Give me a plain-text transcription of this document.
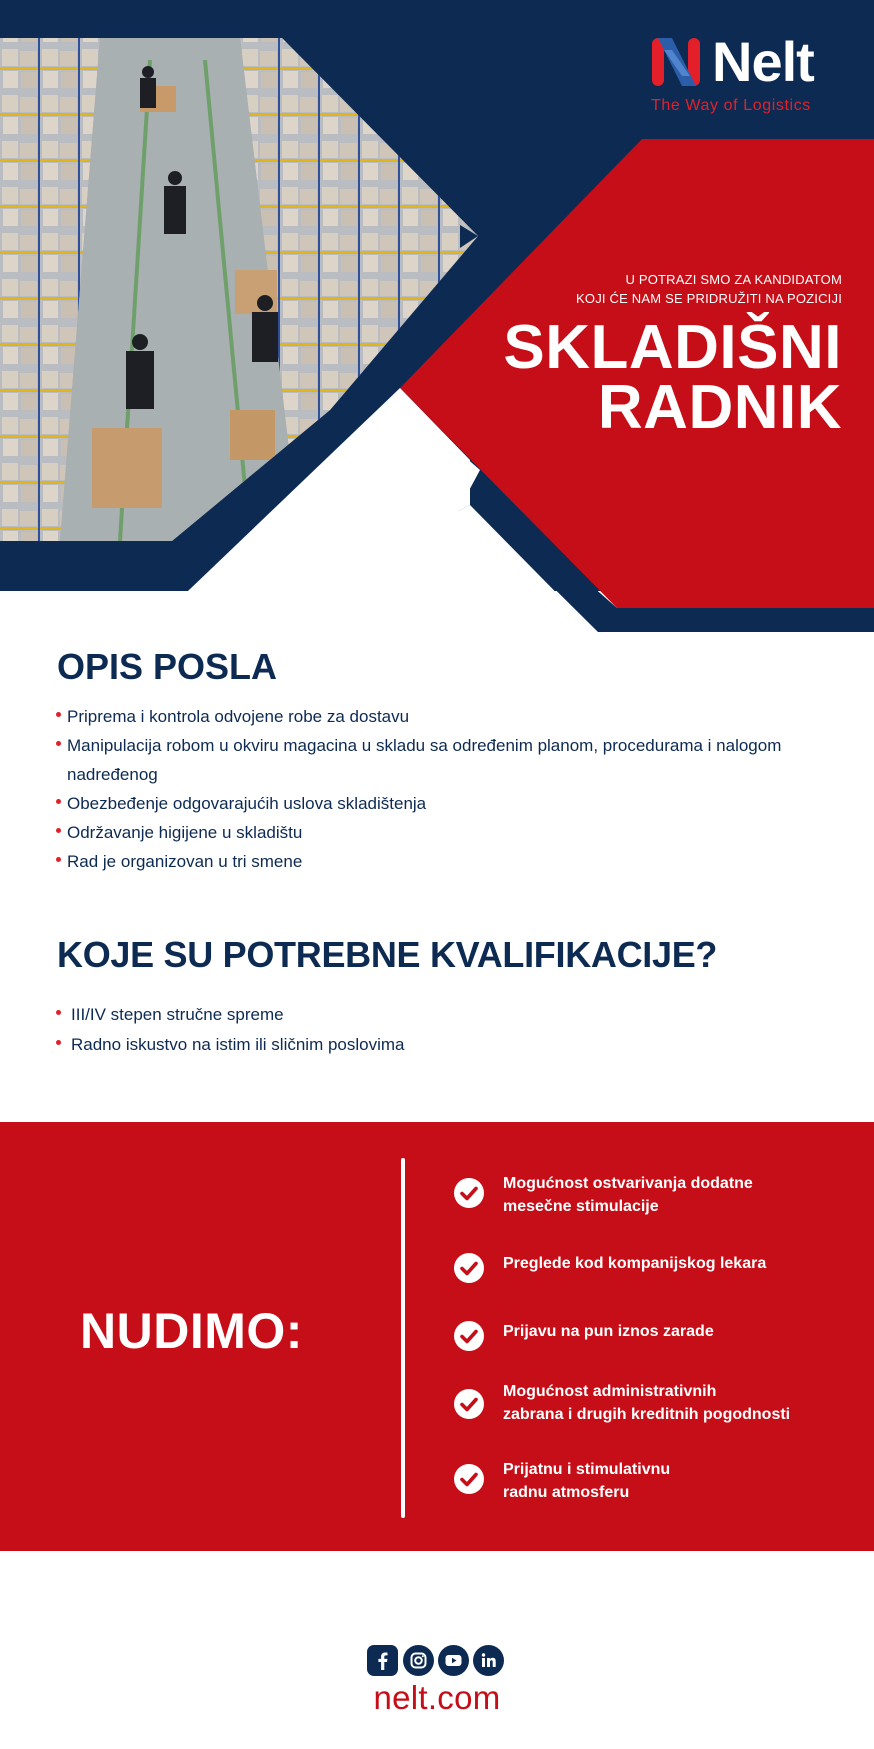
Nelt
The Way of Logistics
U POTRAZI SMO ZA KANDIDATOM
KOJI ĆE NAM SE PRIDRUŽITI NA POZICIJI
SKLADIŠNI
RADNIK
OPIS POSLA
Priprema i kontrola odvojene robe za dostavu
Manipulacija robom u okviru magacina u skladu sa određenim planom, procedurama i nalogom nadređenog
Obezbeđenje odgovarajućih uslova skladištenja
Održavanje higijene u skladištu
Rad je organizovan u tri smene
KOJE SU POTREBNE KVALIFIKACIJE?
III/IV stepen stručne spreme
Radno iskustvo na istim ili sličnim poslovima
NUDIMO:
Mogućnost ostvarivanja dodatne
mesečne stimulacije
Preglede kod kompanijskog lekara
Prijavu na pun iznos zarade
Mogućnost administrativnih
zabrana i drugih kreditnih pogodnosti
Prijatnu i stimulativnu
radnu atmosferu
nelt.com
